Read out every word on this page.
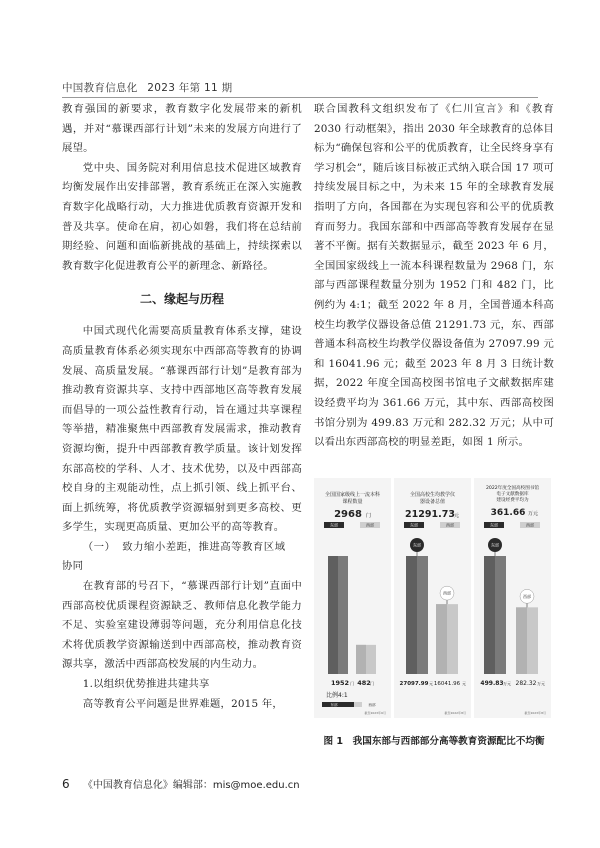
中国教育信息化 2023 年第 11 期

教育强国的新要求，教育数字化发展带来的新机遇，并对“慕课西部行计划”未来的发展方向进行了展望。

党中央、国务院对利用信息技术促进区域教育均衡发展作出安排部署，教育系统正在深入实施教育数字化战略行动，大力推进优质教育资源开发和普及共享。使命在肩，初心如磐，我们将在总结前期经验、问题和面临新挑战的基础上，持续探索以教育数字化促进教育公平的新理念、新路径。

二、缘起与历程

中国式现代化需要高质量教育体系支撑，建设高质量教育体系必须实现东中西部高等教育的协调发展、高质量发展。“慕课西部行计划”是教育部为推动教育资源共享、支持中西部地区高等教育发展而倡导的一项公益性教育行动，旨在通过共享课程等举措，精准聚焦中西部教育发展需求，推动教育资源均衡，提升中西部教育教学质量。该计划发挥东部高校的学科、人才、技术优势，以及中西部高校自身的主观能动性，点上抓引领、线上抓平台、面上抓统筹，将优质教学资源辐射到更多高校、更多学生，实现更高质量、更加公平的高等教育。

（一） 致力缩小差距，推进高等教育区域

协同

在教育部的号召下，“慕课西部行计划”直面中西部高校优质课程资源缺乏、教师信息化教学能力不足、实验室建设薄弱等问题，充分利用信息化技术将优质教学资源输送到中西部高校，推动教育资源共享，激活中西部高校发展的内生动力。

1.以组织优势推进共建共享

高等教育公平问题是世界难题，2015 年，

联合国教科文组织发布了《仁川宣言》和《教育 2030 行动框架》，指出 2030 年全球教育的总体目标为“确保包容和公平的优质教育，让全民终身享有学习机会”，随后该目标被正式纳入联合国 17 项可持续发展目标之中，为未来 15 年的全球教育发展指明了方向，各国都在为实现包容和公平的优质教育而努力。我国东部和中西部高等教育发展存在显著不平衡。据有关数据显示，截至 2023 年 6 月，全国国家级线上一流本科课程数量为 2968 门，东部与西部课程数量分别为 1952 门和 482 门，比例约为 4:1；截至 2022 年 8 月，全国普通本科高校生均教学仪器设备总值 21291.73 元，东、西部普通本科高校生均教学仪器设备值为 27097.99 元和 16041.96 元；截至 2023 年 8 月 3 日统计数据，2022 年度全国高校图书馆电子文献数据库建设经费平均为 361.66 万元，其中东、西部高校图书馆分别为 499.83 万元和 282.32 万元；从中可以看出东西部高校的明显差距，如图 1 所示。

全国国家级线上一流本科
课程数量
2968 门
东部	西部
1952 门 482 门
比例4:1
东部	西部
截至2023年6月
全国高校生均教学仪
器设备总值
21291.73 元
东部	西部
东部
西部
27097.99 元 16041.96 元
截至2022年8月
2022年度全国高校图书馆
电子文献数据库
建设经费平均为
361.66 万元
东部	西部
东部
西部
499.83 万元 282.32 万元
截至2023年8月
图 1　我国东部与西部部分高等教育资源配比不均衡
6 《中国教育信息化》编辑部：mis@moe.edu.cn
